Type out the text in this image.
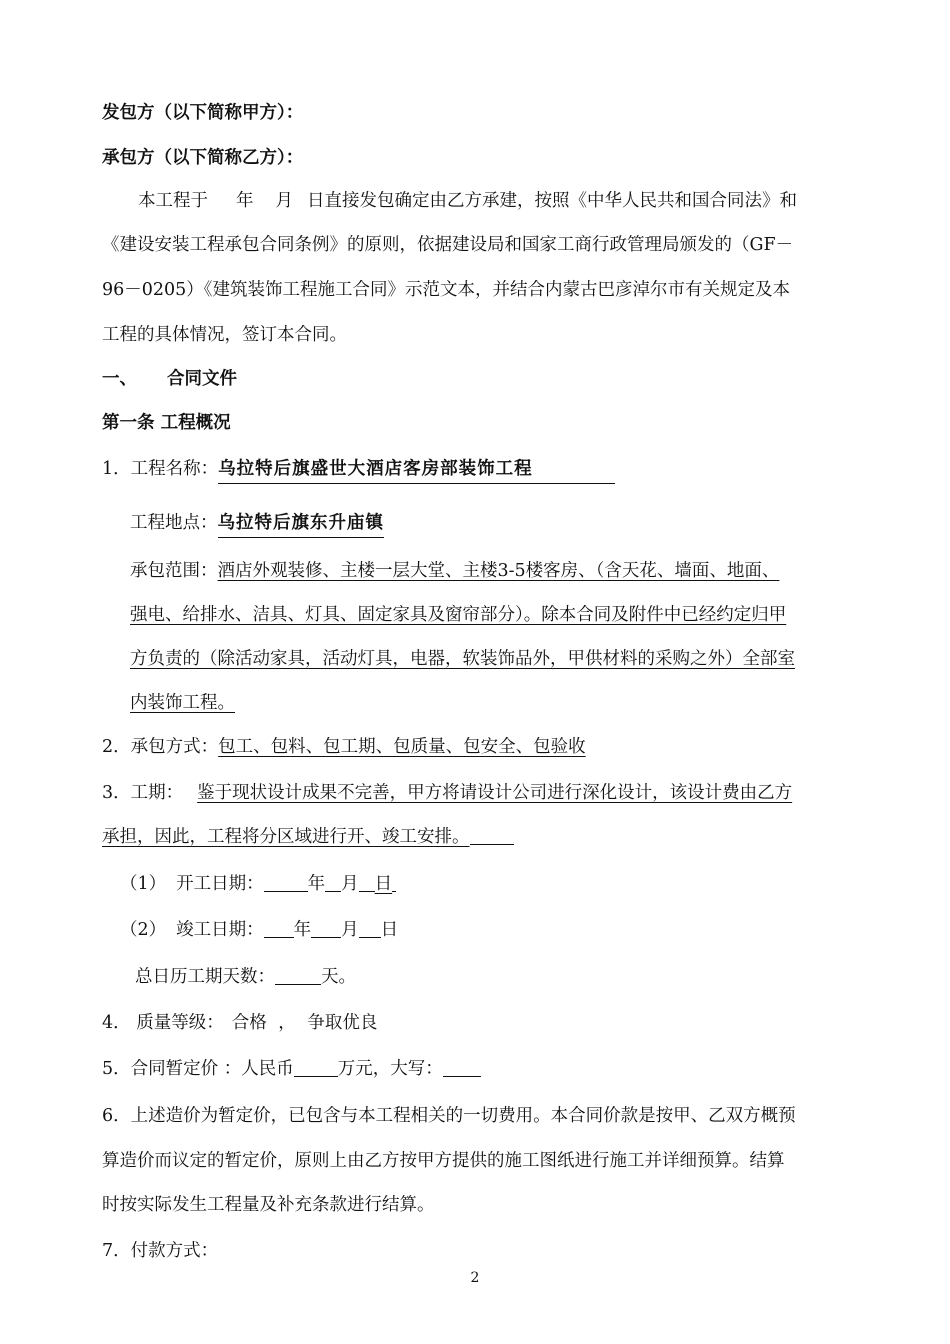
发包方（以下简称甲方）：
承包方（以下简称乙方）：
本工程于 年 月 日直接发包确定由乙方承建，按照《中华人民共和国合同法》和
《建设安装工程承包合同条例》的原则，依据建设局和国家工商行政管理局颁发的（GF－
96－0205）《建筑装饰工程施工合同》示范文本，并结合内蒙古巴彦淖尔市有关规定及本
工程的具体情况，签订本合同。
一、 合同文件
第一条 工程概况
1．工程名称：乌拉特后旗盛世大酒店客房部装饰工程
工程地点：乌拉特后旗东升庙镇
承包范围：酒店外观装修、主楼一层大堂、主楼3-5楼客房、（含天花、墙面、地面、
强电、给排水、洁具、灯具、固定家具及窗帘部分）。除本合同及附件中已经约定归甲
方负责的（除活动家具，活动灯具，电器，软装饰品外，甲供材料的采购之外）全部室
内装饰工程。
2．承包方式：包工、包料、包工期、包质量、包安全、包验收
3．工期： 鉴于现状设计成果不完善，甲方将请设计公司进行深化设计，该设计费由乙方
承担，因此，工程将分区域进行开、竣工安排。
（1） 开工日期：	年 月 日
（2） 竣工日期： 年 月 日
总日历工期天数：	天。
4． 质量等级： 合格 ， 争取优良
5．合同暂定价 ：人民币	万元，大写：
6．上述造价为暂定价，已包含与本工程相关的一切费用。本合同价款是按甲、乙双方概预
算造价而议定的暂定价，原则上由乙方按甲方提供的施工图纸进行施工并详细预算。结算
时按实际发生工程量及补充条款进行结算。
7．付款方式：
2
